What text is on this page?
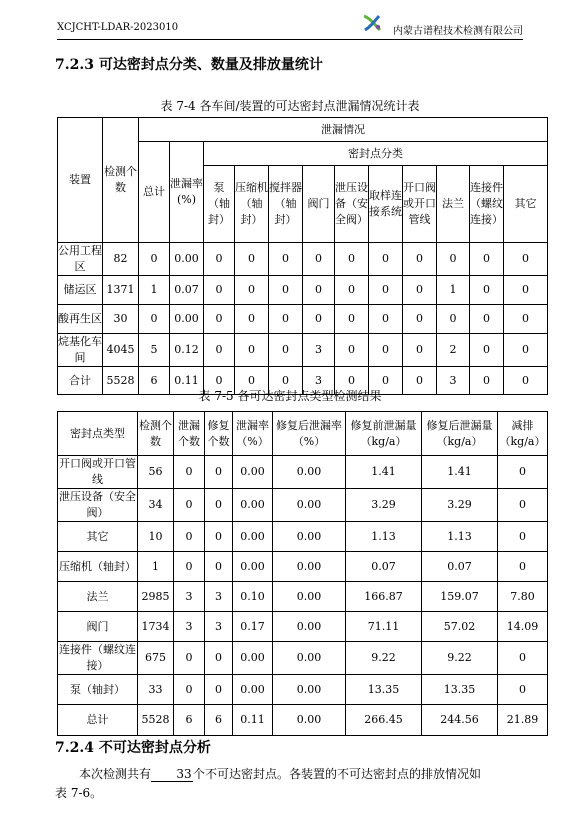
XCJCHT-LDAR-2023010	内蒙古谱程技术检测有限公司
7.2.3 可达密封点分类、数量及排放量统计
表 7-4 各车间/装置的可达密封点泄漏情况统计表
装置	检测个数	泄漏情况											
		总计	泄漏率(%)	密封点分类									
				泵（轴封）	压缩机（轴封）	搅拌器（轴封）	阀门	泄压设备（安全阀）	取样连接系统	开口阀或开口管线	法兰	连接件（螺纹连接）	其它
公用工程区	82	0	0.00	0	0	0	0	0	0	0	0	0	0
储运区	1371	1	0.07	0	0	0	0	0	0	0	1	0	0
酸再生区	30	0	0.00	0	0	0	0	0	0	0	0	0	0
烷基化车间	4045	5	0.12	0	0	0	3	0	0	0	2	0	0
合计	5528	6	0.11	0	0	0	3	0	0	0	3	0	0
表 7-5 各可达密封点类型检测结果
密封点类型	检测个数	泄漏个数	修复个数	泄漏率（%）	修复后泄漏率（%）	修复前泄漏量（kg/a）	修复后泄漏量（kg/a）	减排（kg/a）
开口阀或开口管线	56	0	0	0.00	0.00	1.41	1.41	0
泄压设备（安全阀）	34	0	0	0.00	0.00	3.29	3.29	0
其它	10	0	0	0.00	0.00	1.13	1.13	0
压缩机（轴封）	1	0	0	0.00	0.00	0.07	0.07	0
法兰	2985	3	3	0.10	0.00	166.87	159.07	7.80
阀门	1734	3	3	0.17	0.00	71.11	57.02	14.09
连接件（螺纹连接）	675	0	0	0.00	0.00	9.22	9.22	0
泵（轴封）	33	0	0	0.00	0.00	13.35	13.35	0
总计	5528	6	6	0.11	0.00	266.45	244.56	21.89
7.2.4 不可达密封点分析
本次检测共有 33个不可达密封点。各装置的不可达密封点的排放情况如
表 7-6。
